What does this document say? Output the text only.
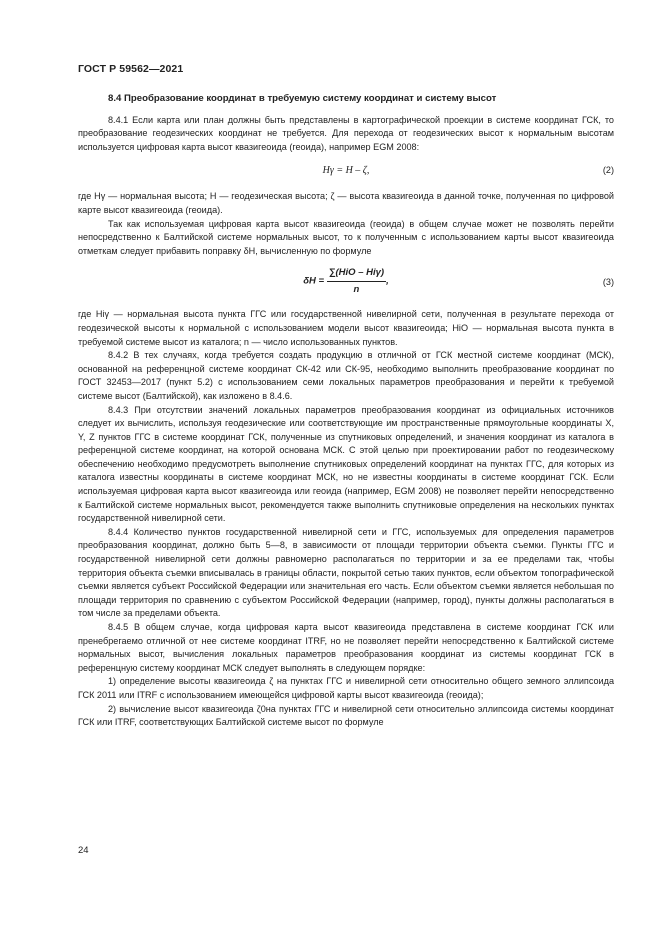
ГОСТ Р 59562—2021
8.4 Преобразование координат в требуемую систему координат и систему высот

8.4.1 Если карта или план должны быть представлены в картографической проекции в системе координат ГСК, то преобразование геодезических координат не требуется. Для перехода от геодезических высот к нормальным высотам используется цифровая карта высот квазигеоида (геоида), например EGM 2008:

Hγ = H – ζ,	(2)

где Hγ — нормальная высота; H — геодезическая высота; ζ — высота квазигеоида в данной точке, полученная по цифровой карте высот квазигеоида (геоида).

Так как используемая цифровая карта высот квазигеоида (геоида) в общем случае может не позволять перейти непосредственно к Балтийской системе нормальных высот, то к полученным с использованием карты высот квазигеоида отметкам следует прибавить поправку δH, вычисленную по формуле

$\delta H = \frac{\text{∑(HiO – Hiγ)}}{n}$ ,	(3)

где Hiγ — нормальная высота пункта ГГС или государственной нивелирной сети, полученная в результате перехода от геодезической высоты к нормальной с использованием модели высот квазигеоида; HiO — нормальная высота пункта в требуемой системе высот из каталога; n — число использованных пунктов.

8.4.2 В тех случаях, когда требуется создать продукцию в отличной от ГСК местной системе координат (МСК), основанной на референцной системе координат СК-42 или СК-95, необходимо выполнить преобразование координат по ГОСТ 32453—2017 (пункт 5.2) с использованием семи локальных параметров преобразования и перейти к требуемой системе высот (Балтийской), как изложено в 8.4.6.

8.4.3 При отсутствии значений локальных параметров преобразования координат из официальных источников следует их вычислить, используя геодезические или соответствующие им пространственные прямоугольные координаты X, Y, Z пунктов ГГС в системе координат ГСК, полученные из спутниковых определений, и значения координат из каталога в референцной системе координат, на которой основана МСК. С этой целью при проектировании работ по геодезическому обеспечению необходимо предусмотреть выполнение спутниковых определений координат на пунктах ГГС, для которых из каталога известны координаты в системе координат МСК, но не известны координаты в системе координат ГСК. Если используемая цифровая карта высот квазигеоида или геоида (например, EGM 2008) не позволяет перейти непосредственно к Балтийской системе нормальных высот, рекомендуется также выполнить спутниковые определения на нескольких пунктах государственной нивелирной сети.

8.4.4 Количество пунктов государственной нивелирной сети и ГГС, используемых для определения параметров преобразования координат, должно быть 5—8, в зависимости от площади территории объекта съемки. Пункты ГГС и государственной нивелирной сети должны равномерно располагаться по территории и за ее пределами так, чтобы территория объекта съемки вписывалась в границы области, покрытой сетью таких пунктов, если объектом топографической съемки является субъект Российской Федерации или значительная его часть. Если объектом съемки является небольшая по площади территория по сравнению с субъектом Российской Федерации (например, город), пункты должны располагаться в том числе за пределами объекта.

8.4.5 В общем случае, когда цифровая карта высот квазигеоида представлена в системе координат ГСК или пренебрегаемо отличной от нее системе координат ITRF, но не позволяет перейти непосредственно к Балтийской системе нормальных высот, вычисления локальных параметров преобразования координат из системы координат ГСК в референцную систему координат МСК следует выполнять в следующем порядке:

1) определение высоты квазигеоида ζ на пунктах ГГС и нивелирной сети относительно общего земного эллипсоида ГСК 2011 или ITRF с использованием имеющейся цифровой карты высот квазигеоида (геоида);

2) вычисление высот квазигеоида ζ0на пунктах ГГС и нивелирной сети относительно эллипсоида системы координат ГСК или ITRF, соответствующих Балтийской системе высот по формуле

24
